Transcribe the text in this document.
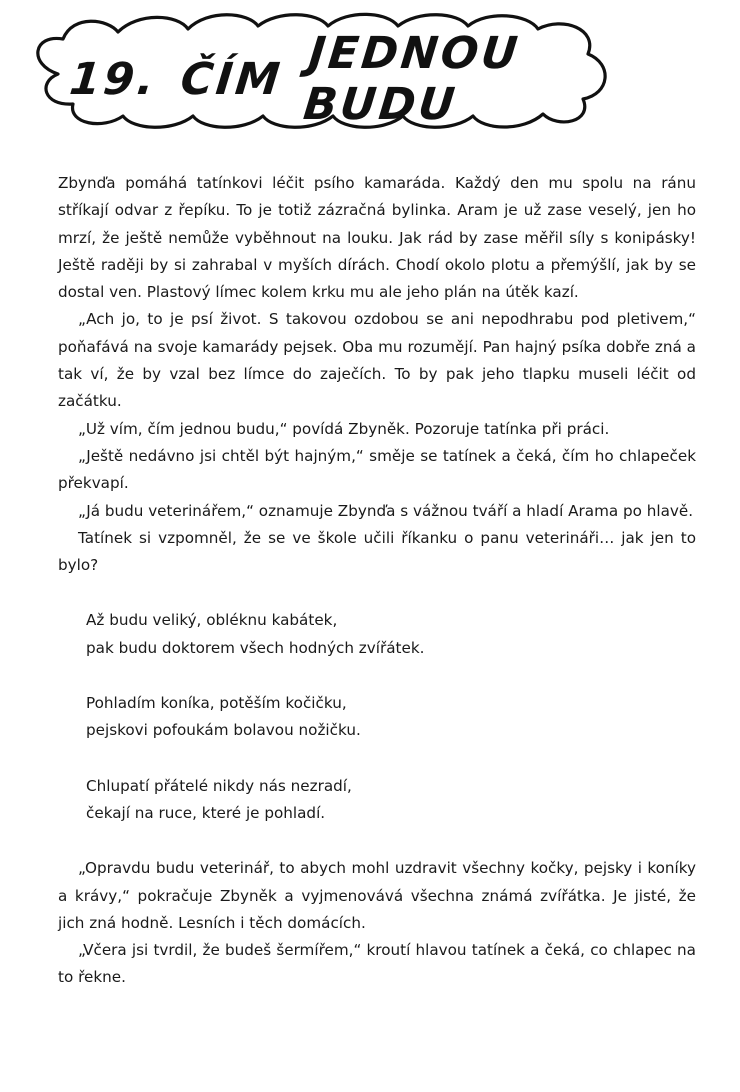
19. ČÍM JEDNOU BUDU

Zbynďa pomáhá tatínkovi léčit psího kamaráda. Každý den mu spolu na ránu stříkají odvar z řepíku. To je totiž zázračná bylinka. Aram je už zase veselý, jen ho mrzí, že ještě nemůže vyběhnout na louku. Jak rád by zase měřil síly s konipásky! Ještě raději by si zahrabal v myších dírách. Chodí okolo plotu a přemýšlí, jak by se dostal ven. Plastový límec kolem krku mu ale jeho plán na útěk kazí.

„Ach jo, to je psí život. S takovou ozdobou se ani nepodhrabu pod pletivem,“ poňafává na svoje kamarády pejsek. Oba mu rozumějí. Pan hajný psíka dobře zná a tak ví, že by vzal bez límce do zaječích. To by pak jeho tlapku museli léčit od začátku.

„Už vím, čím jednou budu,“ povídá Zbyněk. Pozoruje tatínka při práci.

„Ještě nedávno jsi chtěl být hajným,“ směje se tatínek a čeká, čím ho chlapeček překvapí.

„Já budu veterinářem,“ oznamuje Zbynďa s vážnou tváří a hladí Arama po hlavě.

Tatínek si vzpomněl, že se ve škole učili říkanku o panu veterináři… jak jen to bylo?

Až budu veliký, obléknu kabátek,
pak budu doktorem všech hodných zvířátek.

Pohladím koníka, potěším kočičku,
pejskovi pofoukám bolavou nožičku.

Chlupatí přátelé nikdy nás nezradí,
čekají na ruce, které je pohladí.

„Opravdu budu veterinář, to abych mohl uzdravit všechny kočky, pejsky i koníky a krávy,“ pokračuje Zbyněk a vyjmenovává všechna známá zvířátka. Je jisté, že jich zná hodně. Lesních i těch domácích.

„Včera jsi tvrdil, že budeš šermířem,“ kroutí hlavou tatínek a čeká, co chlapec na to řekne.
